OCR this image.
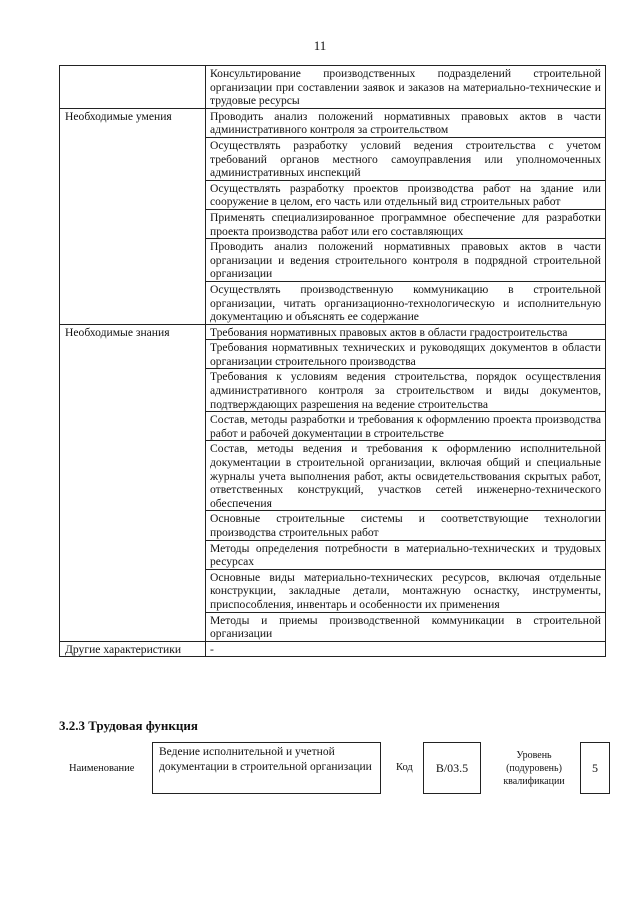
11
	Консультирование производственных подразделений строительной организации при составлении заявок и заказов на материально-технические и трудовые ресурсы
Необходимые умения	Проводить анализ положений нормативных правовых актов в части административного контроля за строительством
	Осуществлять разработку условий ведения строительства с учетом требований органов местного самоуправления или уполномоченных административных инспекций
	Осуществлять разработку проектов производства работ на здание или сооружение в целом, его часть или отдельный вид строительных работ
	Применять специализированное программное обеспечение для разработки проекта производства работ или его составляющих
	Проводить анализ положений нормативных правовых актов в части организации и ведения строительного контроля в подрядной строительной организации
	Осуществлять производственную коммуникацию в строительной организации, читать организационно-технологическую и исполнительную документацию и объяснять ее содержание
Необходимые знания	Требования нормативных правовых актов в области градостроительства
	Требования нормативных технических и руководящих документов в области организации строительного производства
	Требования к условиям ведения строительства, порядок осуществления административного контроля за строительством и виды документов, подтверждающих разрешения на ведение строительства
	Состав, методы разработки и требования к оформлению проекта производства работ и рабочей документации в строительстве
	Состав, методы ведения и требования к оформлению исполнительной документации в строительной организации, включая общий и специальные журналы учета выполнения работ, акты освидетельствования скрытых работ, ответственных конструкций, участков сетей инженерно-технического обеспечения
	Основные строительные системы и соответствующие технологии производства строительных работ
	Методы определения потребности в материально-технических и трудовых ресурсах
	Основные виды материально-технических ресурсов, включая отдельные конструкции, закладные детали, монтажную оснастку, инструменты, приспособления, инвентарь и особенности их применения
	Методы и приемы производственной коммуникации в строительной организации
Другие характеристики	-
3.2.3 Трудовая функция
Наименование
Ведение исполнительной и учетной документации в строительной организации	Код	B/03.5
Уровень (подуровень) квалификации
5
